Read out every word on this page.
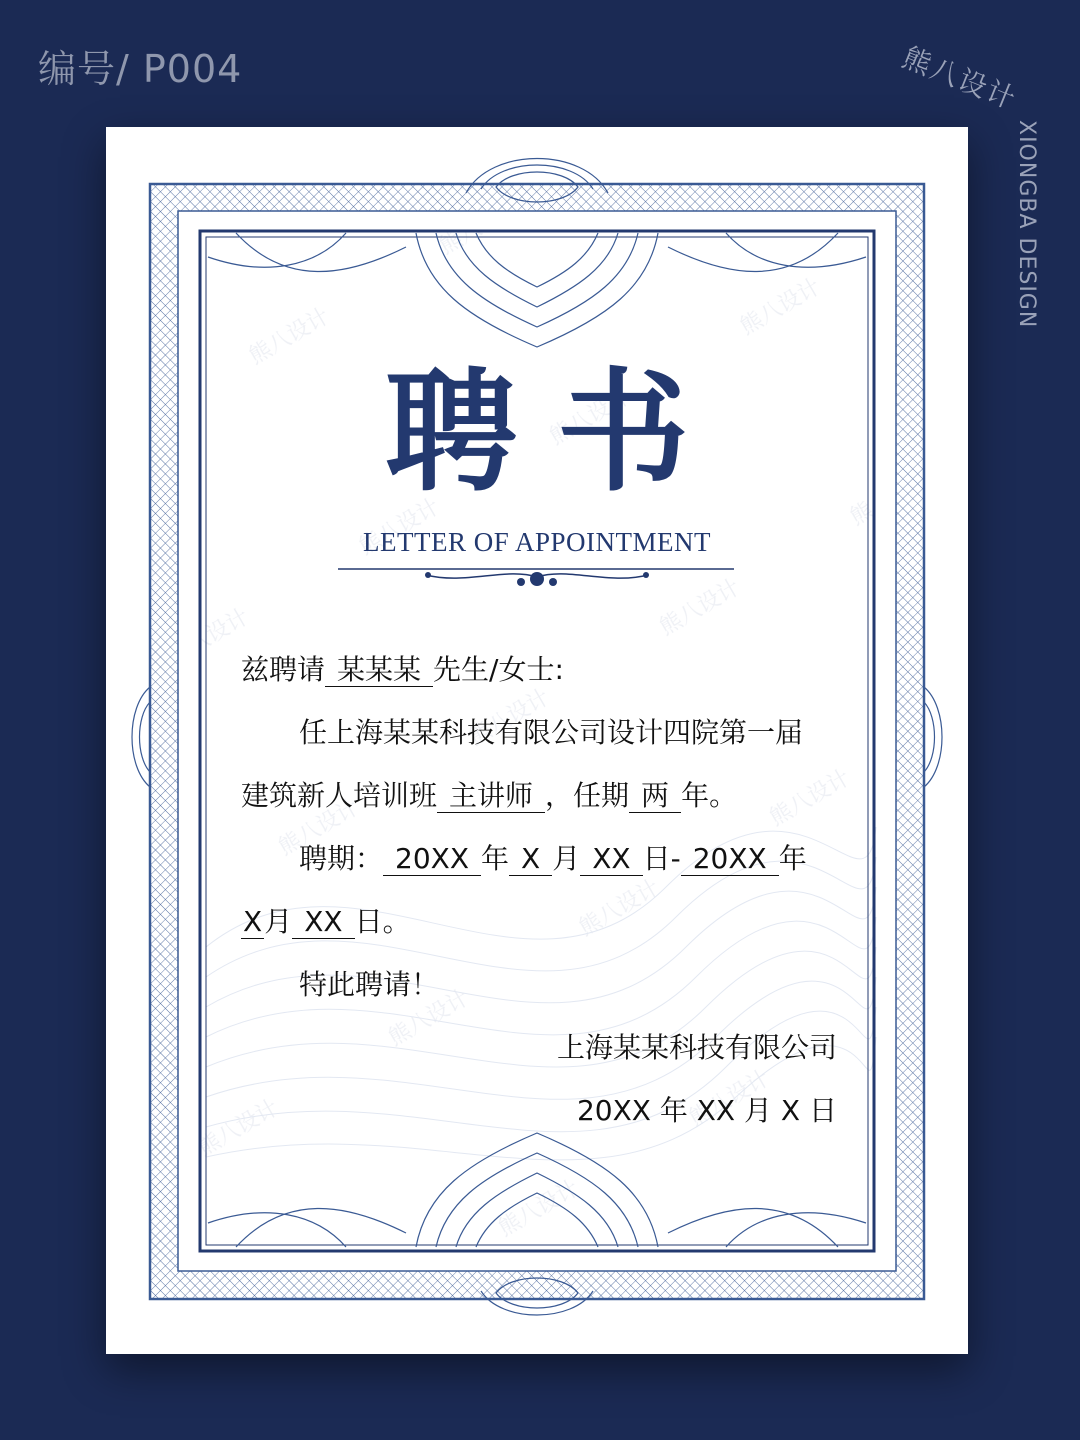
编号/ P004	熊八设计
XIONGBA DESIGN
聘书
LETTER OF APPOINTMENT
兹聘请 某某某 先生/女士:
任上海某某科技有限公司设计四院第一届
建筑新人培训班 主讲师 ，任期 两 年。
聘期： 20XX 年 X 月 XX 日- 20XX 年
X月 XX 日。
特此聘请！
上海某某科技有限公司
20XX 年 XX 月 X 日
